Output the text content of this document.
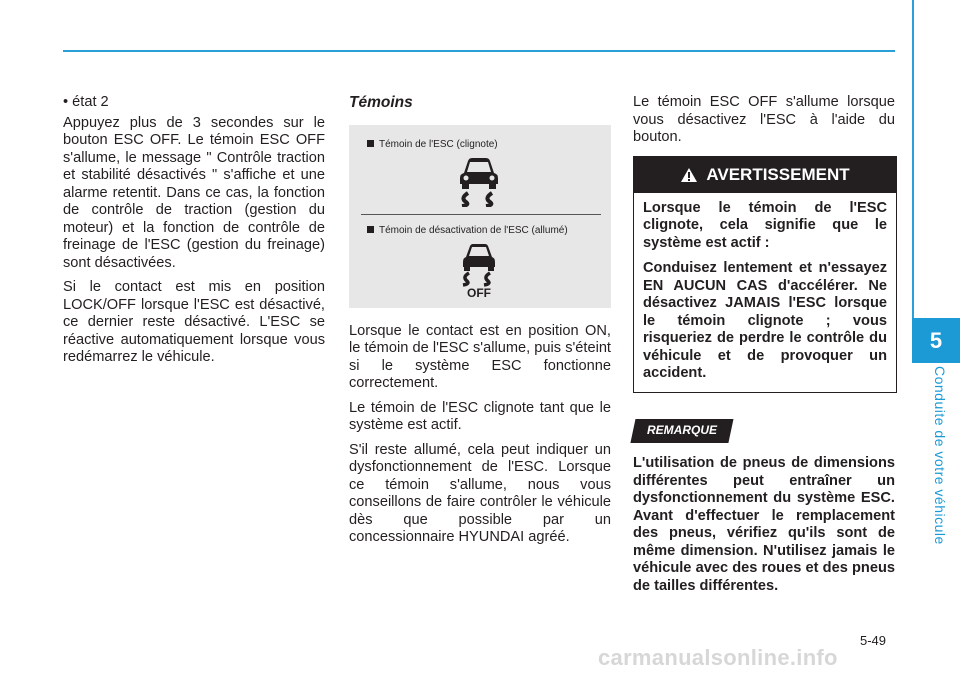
5
Conduite de votre véhicule

• état 2

Appuyez plus de 3 secondes sur le bouton ESC OFF. Le témoin ESC OFF s'allume, le message " Contrôle traction et stabilité désactivés " s'affiche et une alarme retentit. Dans ce cas, la fonction de contrôle de traction (gestion du moteur) et la fonction de contrôle de freinage de l'ESC (gestion du freinage) sont désactivées.

Si le contact est mis en position LOCK/OFF lorsque l'ESC est désactivé, ce dernier reste désactivé. L'ESC se réactive automatiquement lorsque vous redémarrez le véhicule.

Témoins

Témoin de l'ESC (clignote)
Témoin de désactivation de l'ESC (allumé)
OFF

Lorsque le contact est en position ON, le témoin de l'ESC s'allume, puis s'éteint si le système ESC fonctionne correctement.

Le témoin de l'ESC clignote tant que le système est actif.

S'il reste allumé, cela peut indiquer un dysfonctionnement de l'ESC. Lorsque ce témoin s'allume, nous vous conseillons de faire contrôler le véhicule dès que possible par un concessionnaire HYUNDAI agréé.

Le témoin ESC OFF s'allume lorsque vous désactivez l'ESC à l'aide du bouton.

AVERTISSEMENT

Lorsque le témoin de l'ESC clignote, cela signifie que le système est actif :

Conduisez lentement et n'essayez EN AUCUN CAS d'accélérer. Ne désactivez JAMAIS l'ESC lorsque le témoin clignote ; vous risqueriez de perdre le contrôle du véhicule et de provoquer un accident.

REMARQUE

L'utilisation de pneus de dimensions différentes peut entraîner un dysfonctionnement du système ESC. Avant d'effectuer le remplacement des pneus, vérifiez qu'ils sont de même dimension. N'utilisez jamais le véhicule avec des roues et des pneus de tailles différentes.

5-49
carmanualsonline.info
